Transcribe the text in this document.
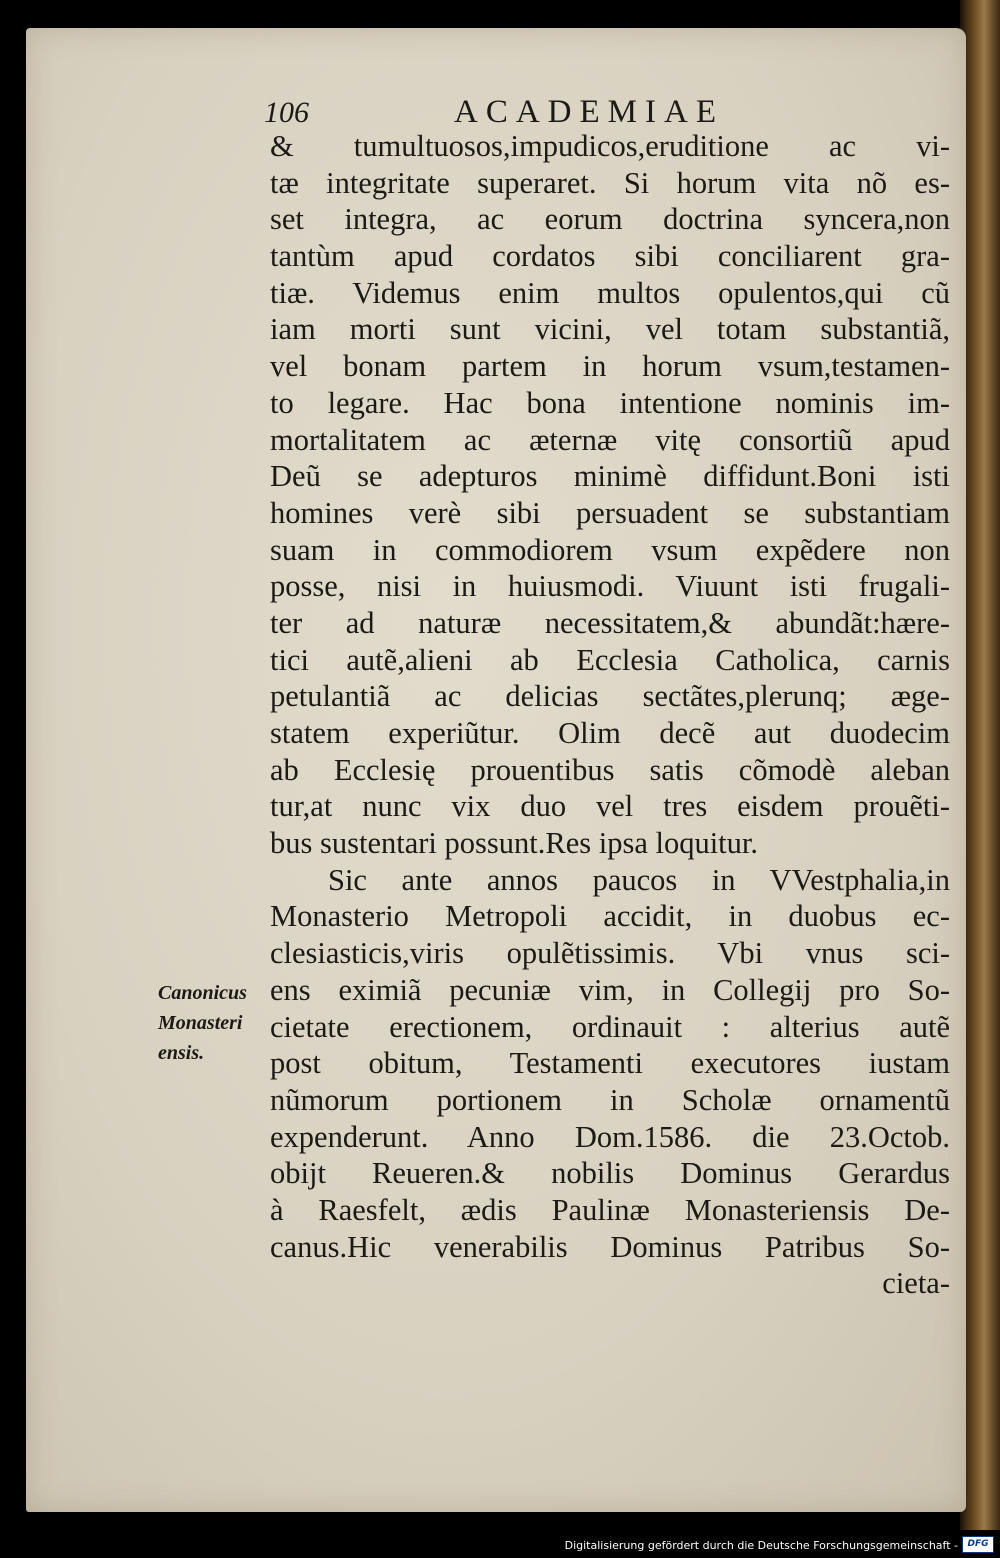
106	ACADEMIAE
& tumultuosos,impudicos,eruditione ac vi-
tæ integritate superaret. Si horum vita nõ es-
set integra, ac eorum doctrina syncera,non
tantùm apud cordatos sibi conciliarent gra-
tiæ. Videmus enim multos opulentos,qui cũ
iam morti sunt vicini, vel totam substantiã,
vel bonam partem in horum vsum,testamen-
to legare. Hac bona intentione nominis im-
mortalitatem ac æternæ vitę consortiũ apud
Deũ se adepturos minimè diffidunt.Boni isti
homines verè sibi persuadent se substantiam
suam in commodiorem vsum expẽdere non
posse, nisi in huiusmodi. Viuunt isti frugali-
ter ad naturæ necessitatem,& abundãt:hære-
tici autẽ,alieni ab Ecclesia Catholica, carnis
petulantiã ac delicias sectãtes,plerunq; æge-
statem experiũtur. Olim decẽ aut duodecim
ab Ecclesię prouentibus satis cõmodè aleban
tur,at nunc vix duo vel tres eisdem prouẽti-
bus sustentari possunt.Res ipsa loquitur.
Sic ante annos paucos in VVestphalia,in
Monasterio Metropoli accidit, in duobus ec-
clesiasticis,viris opulẽtissimis. Vbi vnus sci-
ens eximiã pecuniæ vim, in Collegij pro So-
cietate erectionem, ordinauit : alterius autẽ
post obitum, Testamenti executores iustam
nũmorum portionem in Scholæ ornamentũ
expenderunt. Anno Dom.1586. die 23.Octob.
obijt Reueren.& nobilis Dominus Gerardus
à Raesfelt, ædis Paulinæ Monasteriensis De-
canus.Hic venerabilis Dominus Patribus So-
cieta-
Canonicus
Monasteri
ensis.
Digitalisierung gefördert durch die Deutsche Forschungsgemeinschaft -	DFG
